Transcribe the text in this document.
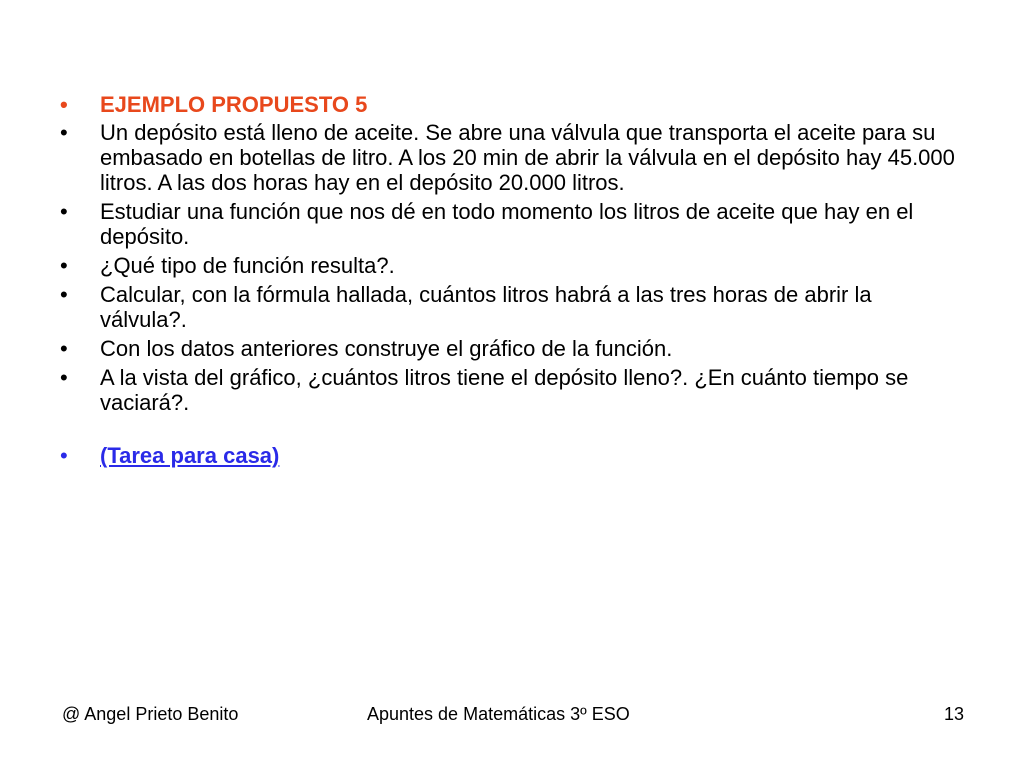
•	EJEMPLO PROPUESTO 5
•	Un depósito está lleno de aceite. Se abre una válvula que transporta el aceite para su embasado en botellas de litro. A los 20 min de abrir la válvula en el depósito hay 45.000 litros. A las dos horas hay en el depósito 20.000 litros.
•	Estudiar una función que nos dé en todo momento los litros de aceite que hay en el depósito.
•	¿Qué tipo de función resulta?.
•	Calcular, con la fórmula hallada, cuántos litros habrá a las tres horas de abrir la válvula?.
•	Con los datos anteriores construye el gráfico de la función.
•	A la vista del gráfico, ¿cuántos litros tiene el depósito lleno?. ¿En cuánto tiempo se vaciará?.
•	(Tarea para casa)
@ Angel Prieto Benito	Apuntes de Matemáticas 3º ESO	13
